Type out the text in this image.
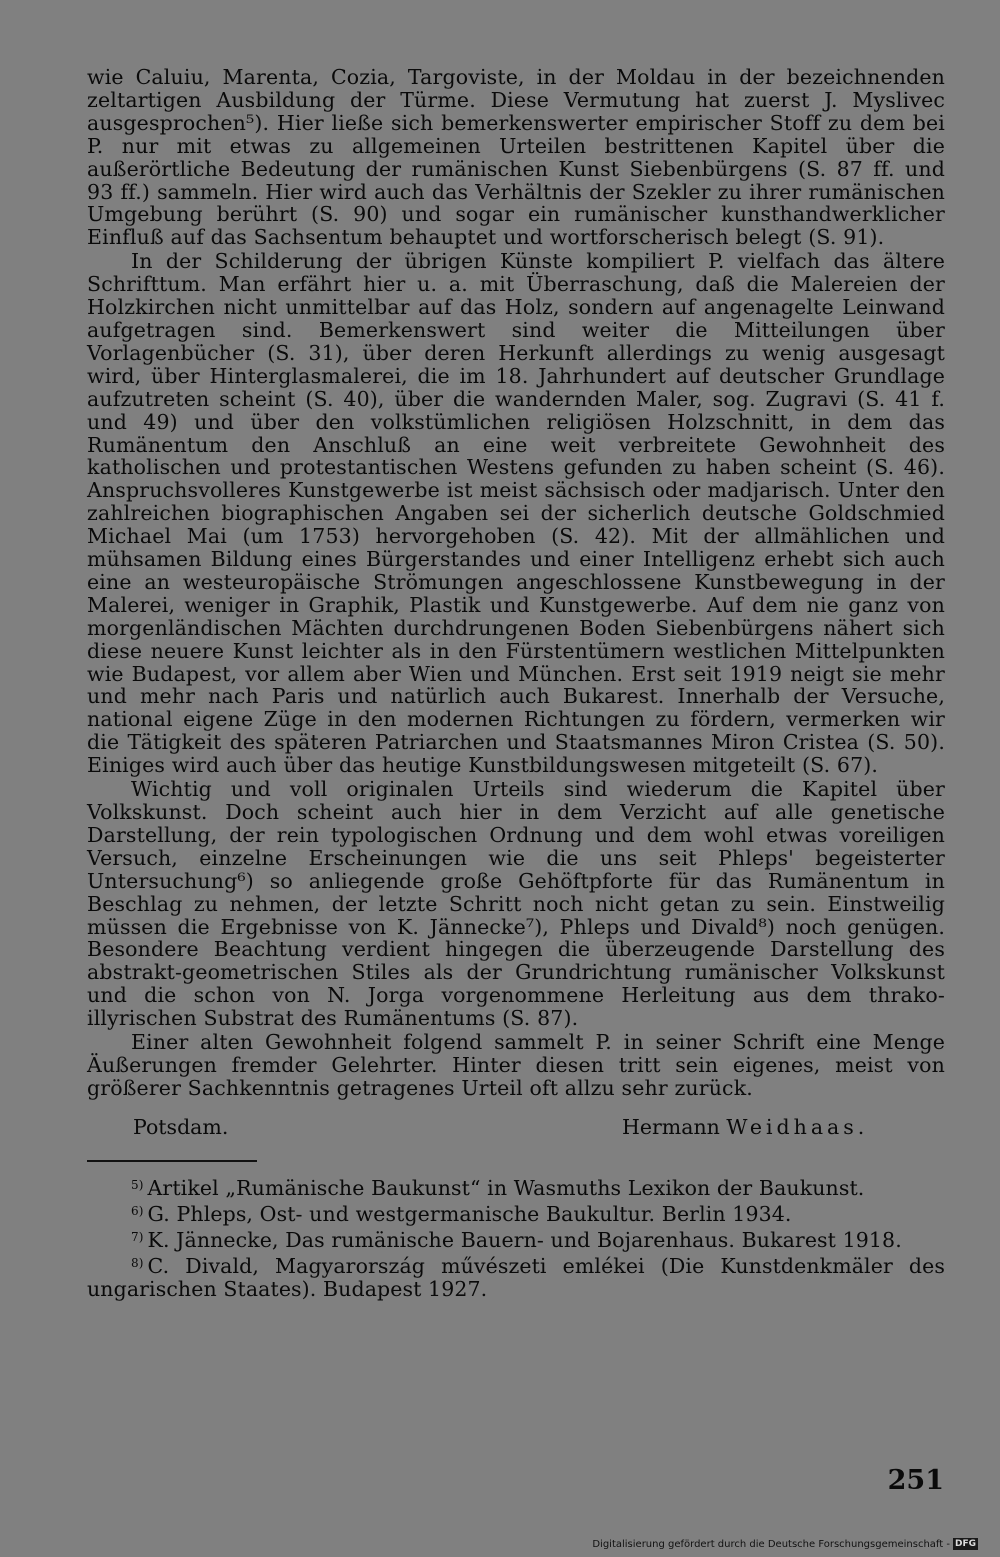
wie Caluiu, Marenta, Cozia, Targoviste, in der Moldau in der bezeichnenden zeltartigen Ausbildung der Türme. Diese Vermutung hat zuerst J. Myslivec ausgesprochen⁵). Hier ließe sich bemerkenswerter empirischer Stoff zu dem bei P. nur mit etwas zu allgemeinen Urteilen bestrittenen Kapitel über die außerörtliche Bedeutung der rumänischen Kunst Siebenbürgens (S. 87 ff. und 93 ff.) sammeln. Hier wird auch das Verhältnis der Szekler zu ihrer rumänischen Umgebung berührt (S. 90) und sogar ein rumänischer kunsthandwerklicher Einfluß auf das Sachsentum behauptet und wortforscherisch belegt (S. 91).

In der Schilderung der übrigen Künste kompiliert P. vielfach das ältere Schrifttum. Man erfährt hier u. a. mit Überraschung, daß die Malereien der Holzkirchen nicht unmittelbar auf das Holz, sondern auf angenagelte Leinwand aufgetragen sind. Bemerkenswert sind weiter die Mitteilungen über Vorlagenbücher (S. 31), über deren Herkunft allerdings zu wenig ausgesagt wird, über Hinterglasmalerei, die im 18. Jahrhundert auf deutscher Grundlage aufzutreten scheint (S. 40), über die wandernden Maler, sog. Zugravi (S. 41 f. und 49) und über den volkstümlichen religiösen Holzschnitt, in dem das Rumänentum den Anschluß an eine weit verbreitete Gewohnheit des katholischen und protestantischen Westens gefunden zu haben scheint (S. 46). Anspruchsvolleres Kunstgewerbe ist meist sächsisch oder madjarisch. Unter den zahlreichen biographischen Angaben sei der sicherlich deutsche Goldschmied Michael Mai (um 1753) hervorgehoben (S. 42). Mit der allmählichen und mühsamen Bildung eines Bürgerstandes und einer Intelligenz erhebt sich auch eine an westeuropäische Strömungen angeschlossene Kunstbewegung in der Malerei, weniger in Graphik, Plastik und Kunstgewerbe. Auf dem nie ganz von morgenländischen Mächten durchdrungenen Boden Siebenbürgens nähert sich diese neuere Kunst leichter als in den Fürstentümern westlichen Mittelpunkten wie Budapest, vor allem aber Wien und München. Erst seit 1919 neigt sie mehr und mehr nach Paris und natürlich auch Bukarest. Innerhalb der Versuche, national eigene Züge in den modernen Richtungen zu fördern, vermerken wir die Tätigkeit des späteren Patriarchen und Staatsmannes Miron Cristea (S. 50). Einiges wird auch über das heutige Kunstbildungswesen mitgeteilt (S. 67).

Wichtig und voll originalen Urteils sind wiederum die Kapitel über Volkskunst. Doch scheint auch hier in dem Verzicht auf alle genetische Darstellung, der rein typologischen Ordnung und dem wohl etwas voreiligen Versuch, einzelne Erscheinungen wie die uns seit Phleps' begeisterter Untersuchung⁶) so anliegende große Gehöftpforte für das Rumänentum in Beschlag zu nehmen, der letzte Schritt noch nicht getan zu sein. Einstweilig müssen die Ergebnisse von K. Jännecke⁷), Phleps und Divald⁸) noch genügen. Besondere Beachtung verdient hingegen die überzeugende Darstellung des abstrakt-geometrischen Stiles als der Grundrichtung rumänischer Volkskunst und die schon von N. Jorga vorgenommene Herleitung aus dem thrako-illyrischen Substrat des Rumänentums (S. 87).

Einer alten Gewohnheit folgend sammelt P. in seiner Schrift eine Menge Äußerungen fremder Gelehrter. Hinter diesen tritt sein eigenes, meist von größerer Sachkenntnis getragenes Urteil oft allzu sehr zurück.

Potsdam.	Hermann Weidhaas.

$^{5)}$ Artikel „Rumänische Baukunst“ in Wasmuths Lexikon der Baukunst.

$^{6)}$ G. Phleps, Ost- und westgermanische Baukultur. Berlin 1934.

$^{7)}$ K. Jännecke, Das rumänische Bauern- und Bojarenhaus. Bukarest 1918.

$^{8)}$ C. Divald, Magyarország művészeti emlékei (Die Kunstdenkmäler des ungarischen Staates). Budapest 1927.

251
Digitalisierung gefördert durch die Deutsche Forschungsgemeinschaft - DFG
